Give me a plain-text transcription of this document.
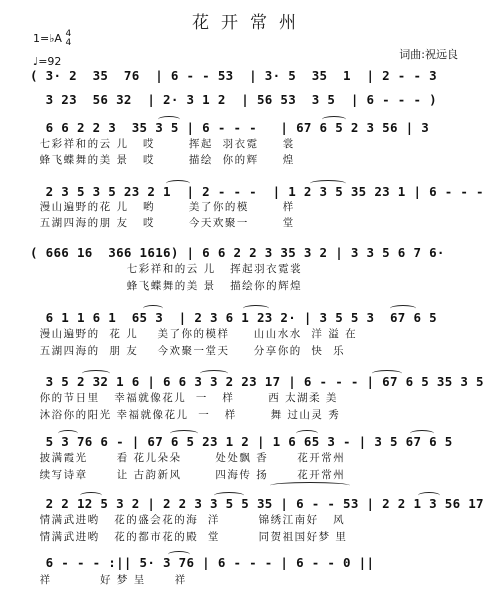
花开常州
1=♭A 4
4
♩=92
词曲:祝远良
( 3· 2  35  76  | 6 - - 53  | 3· 5  35  1  | 2 - - 3
3 23  56 32  | 2· 3 1 2  | 56 53  3 5  | 6 - - - )
6 6 2 2 3  35 3 5 | 6 - - -   | 67 6 5 2 3 56 | 3
七彩祥和的云 儿   哎       挥起  羽衣霓     裳
蜂飞蝶舞的美 景   哎       描绘  你的辉     煌
2 3 5 3 5 23 2 1  | 2 - - -  | 1 2 3 5 35 23 1 | 6 - - -
漫山遍野的花 儿   哟       美了你的模       样
五湖四海的朋 友   哎       今天欢聚一       堂
( 666 16  366 1616) | 6 6 2 2 3 35 3 2 | 3 3 5 6 7 6·
七彩祥和的云 儿   挥起羽衣霓裳
蜂飞蝶舞的美 景   描绘你的辉煌
6 1 1 6 1  65 3  | 2 3 6 1 23 2· | 3 5 5 3  67 6 5
漫山遍野的  花 儿    美了你的模样     山山水水  洋 溢 在
五湖四海的  朋 友    今欢聚一堂天     分享你的  快  乐
3 5 2 32 1 6 | 6 6 3 3 2 23 17 | 6 - - - | 67 6 5 35 3 5
你的节日里   幸福就像花儿  一   样       西 太湖柔 美
沐浴你的阳光 幸福就像花儿  一   样       舞 过山灵 秀
5 3 76 6 - | 67 6 5 23 1 2 | 1 6 65 3 - | 3 5 67 6 5
披满霞光      看 花儿朵朵       处处飘 香      花开常州
续写诗章      让 古韵新风       四海传 扬      花开常州
2 2 12 5 3 2 | 2 2 3 3 5 5 35 | 6 - - 53 | 2 2 1 3 56 17
情满武进哟   花的盛会花的海  洋        锦绣江南好   风
情满武进哟   花的都市花的殿  堂        同贺祖国好梦 里
6 - - - :|| 5· 3 76 | 6 - - - | 6 - - 0 ||
祥          好 梦 呈      祥
